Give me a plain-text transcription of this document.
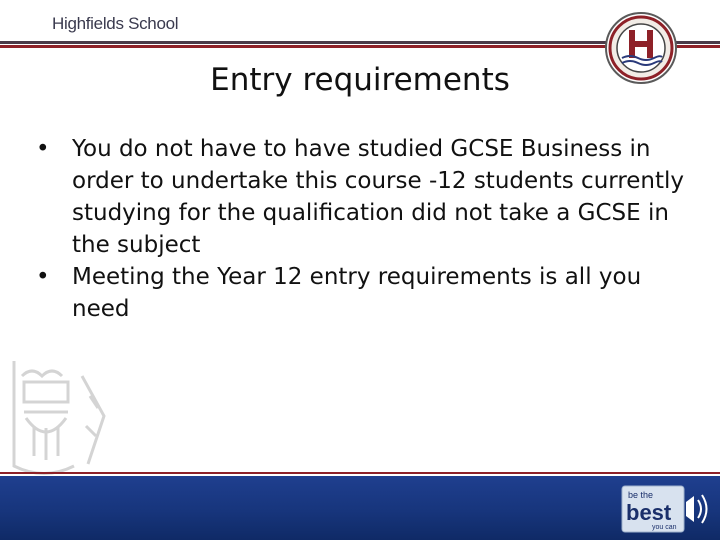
Highfields School
Entry requirements
• You do not have to have studied GCSE Business in order to undertake this course -12 students currently studying for the qualification did not take a GCSE in the subject
• Meeting the Year 12 entry requirements is all you need
be the
best
you can
